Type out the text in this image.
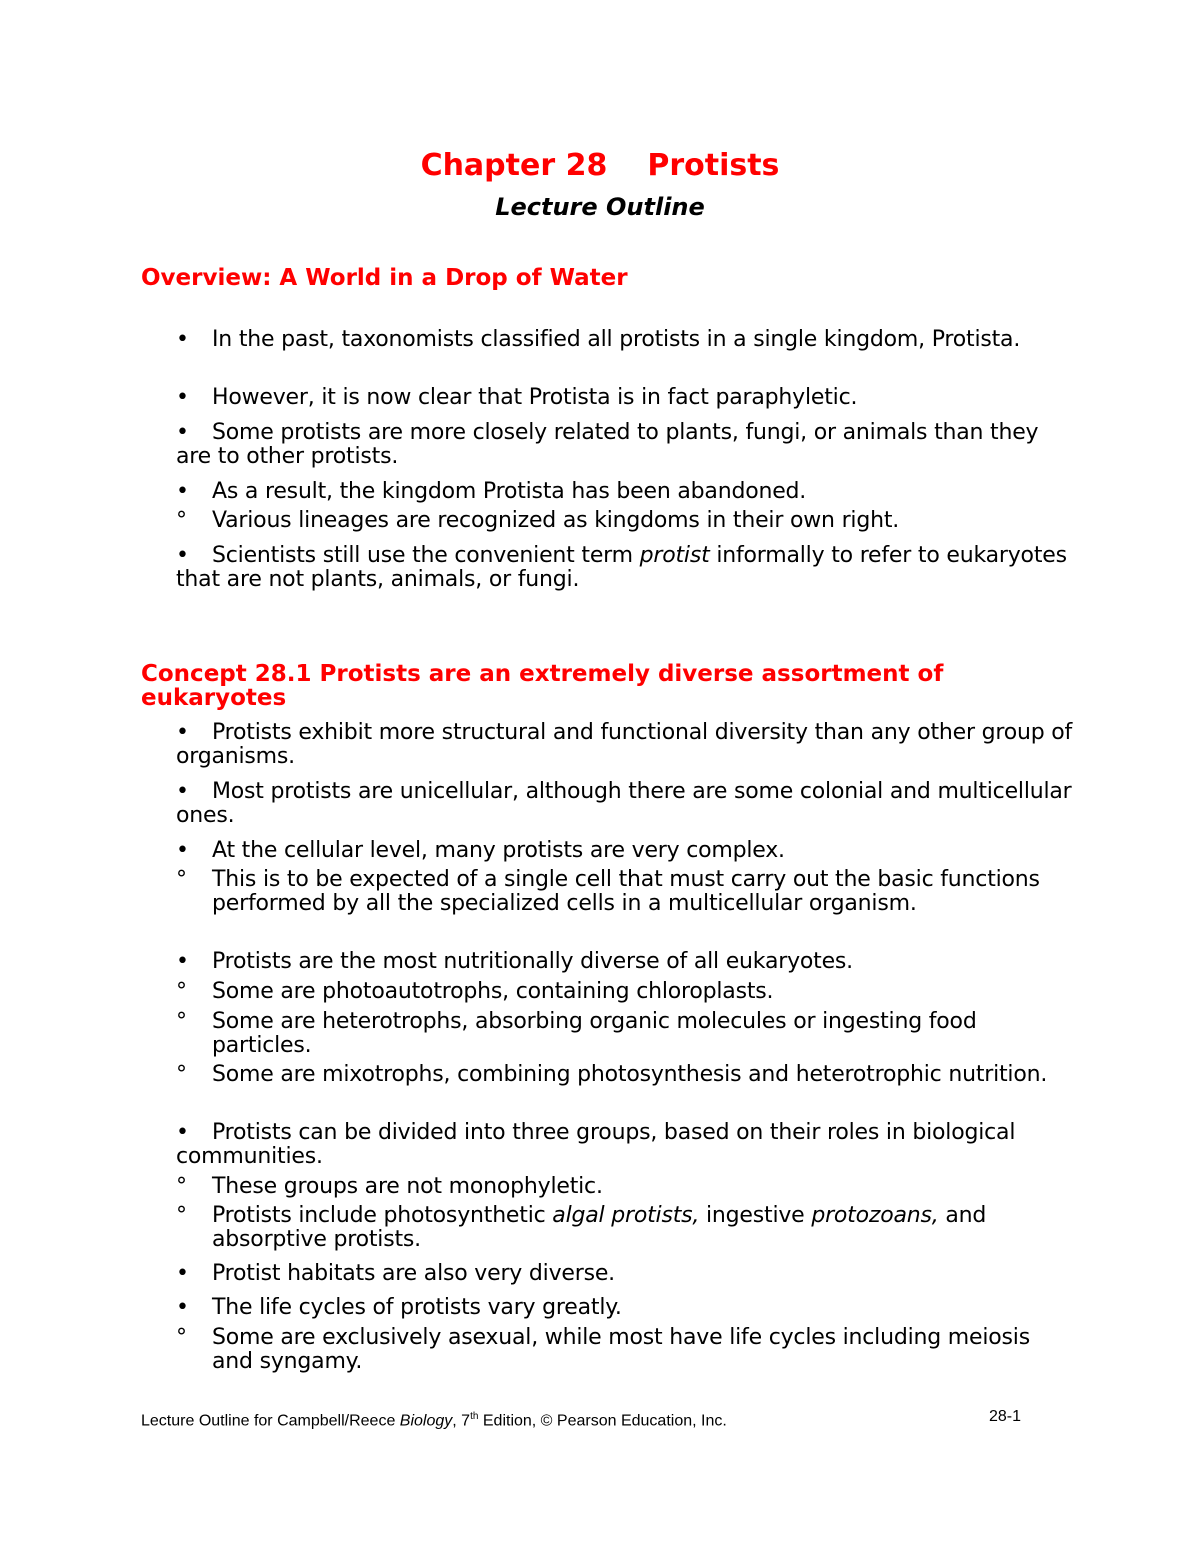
Chapter 28 Protists
Lecture Outline
Overview: A World in a Drop of Water
• In the past, taxonomists classified all protists in a single kingdom, Protista.
• However, it is now clear that Protista is in fact paraphyletic.
• Some protists are more closely related to plants, fungi, or animals than they are to other protists.
• As a result, the kingdom Protista has been abandoned.
° Various lineages are recognized as kingdoms in their own right.
• Scientists still use the convenient term protist informally to refer to eukaryotes that are not plants, animals, or fungi.
Concept 28.1 Protists are an extremely diverse assortment of eukaryotes
• Protists exhibit more structural and functional diversity than any other group of organisms.
• Most protists are unicellular, although there are some colonial and multicellular ones.
• At the cellular level, many protists are very complex.
° This is to be expected of a single cell that must carry out the basic functions performed by all the specialized cells in a multicellular organism.
• Protists are the most nutritionally diverse of all eukaryotes.
° Some are photoautotrophs, containing chloroplasts.
° Some are heterotrophs, absorbing organic molecules or ingesting food particles.
° Some are mixotrophs, combining photosynthesis and heterotrophic nutrition.
• Protists can be divided into three groups, based on their roles in biological communities.
° These groups are not monophyletic.
° Protists include photosynthetic algal protists, ingestive protozoans, and absorptive protists.
• Protist habitats are also very diverse.
• The life cycles of protists vary greatly.
° Some are exclusively asexual, while most have life cycles including meiosis and syngamy.
Lecture Outline for Campbell/Reece Biology, 7th Edition, © Pearson Education, Inc.	28-1
